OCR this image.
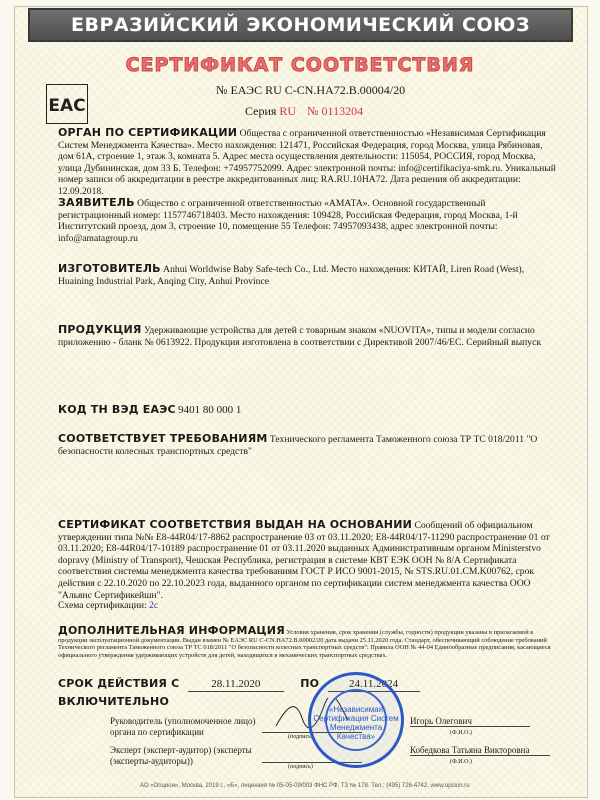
ЕВРАЗИЙСКИЙ ЭКОНОМИЧЕСКИЙ СОЮЗ
СЕРТИФИКАТ СООТВЕТСТВИЯ
ЕАС
№ ЕАЭС RU C-CN.НА72.В.00004/20
Серия RU № 0113204
ОРГАН ПО СЕРТИФИКАЦИИ Общества с ограниченной ответственностью «Независимая Сертификация Систем Менеджмента Качества». Место нахождения: 121471, Российская Федерация, город Москва, улица Рябиновая, дом 61А, строение 1, этаж 3, комната 5. Адрес места осуществления деятельности: 115054, РОССИЯ, город Москва, улица Дубининская, дом 33 Б. Телефон: +74957752099. Адрес электронной почты: info@certifikaciya-smk.ru. Уникальный номер записи об аккредитации в реестре аккредитованных лиц: RA.RU.10HA72. Дата решения об аккредитации: 12.09.2018.
ЗАЯВИТЕЛЬ Общество с ограниченной ответственностью «АМАТА». Основной государственный регистрационный номер: 1157746718403. Место нахождения: 109428, Российская Федерация, город Москва, 1-й Институтский проезд, дом 3, строение 10, помещение 55 Телефон: 74957093438, адрес электронной почты: info@amatagroup.ru
ИЗГОТОВИТЕЛЬ Anhui Worldwise Baby Safe-tech Co., Ltd. Место нахождения: КИТАЙ, Liren Road (West), Huaining Industrial Park, Anqing City, Anhui Province
ПРОДУКЦИЯ Удерживающие устройства для детей с товарным знаком «NUOVITA», типы и модели согласно приложению - бланк № 0613922. Продукция изготовлена в соответствии с Директивой 2007/46/ЕС. Серийный выпуск
КОД ТН ВЭД ЕАЭС 9401 80 000 1
СООТВЕТСТВУЕТ ТРЕБОВАНИЯМ Технического регламента Таможенного союза ТР ТС 018/2011 "О безопасности колесных транспортных средств"
СЕРТИФИКАТ СООТВЕТСТВИЯ ВЫДАН НА ОСНОВАНИИ Сообщений об официальном утверждении типа №№ Е8-44R04/17-8862 распространение 03 от 03.11.2020; Е8-44R04/17-11290 распространение 01 от 03.11.2020; Е8-44R04/17-10189 распространение 01 от 03.11.2020 выданных Административным органом Ministerstvo dopravy (Ministry of Transport), Чешская Республика, регистрация в системе КВТ ЕЭК ООН № 8/А Сертификата соответствия системы менеджмента качества требованиям ГОСТ Р ИСО 9001-2015, № STS.RU.01.CM.K00762, срок действия с 22.10.2020 по 22.10.2023 года, выданного органом по сертификации систем менеджмента качества ООО "Альянс Сертификейшн".
Схема сертификации: 2с
ДОПОЛНИТЕЛЬНАЯ ИНФОРМАЦИЯ Условия хранения, срок хранения (службы, годности) продукции указаны в прилагаемой к продукции эксплуатационной документации. Выдан взамен № ЕАЭС RU C-CN.НА72.В.00002/20 дата выдачи 25.11.2020 года. Стандарт, обеспечивающий соблюдение требований Технического регламента Таможенного союза ТР ТС 018/2011 "О безопасности колесных транспортных средств": Правила ООН № 44-04 Единообразные предписания, касающиеся официального утверждения удерживающих устройств для детей, находящихся в механических транспортных средствах.
СРОК ДЕЙСТВИЯ С	28.11.2020	ПО	24.11.2024
ВКЛЮЧИТЕЛЬНО
Руководитель (уполномоченное лицо) органа по сертификации	(подпись)
Игорь Олегович
(Ф.И.О.)
Эксперт (эксперт-аудитор) (эксперты (эксперты-аудиторы))
(подпись)
Кобедкова Татьяна Викторовна
(Ф.И.О.)
«Независимая Сертификация Систем Менеджмента Качества»
АО «Опцион», Москва, 2019 г., «Б», лицензия № 05-05-09/003 ФНС РФ, ТЗ № 178. Тел.: (495) 726-4742, www.opcion.ru
